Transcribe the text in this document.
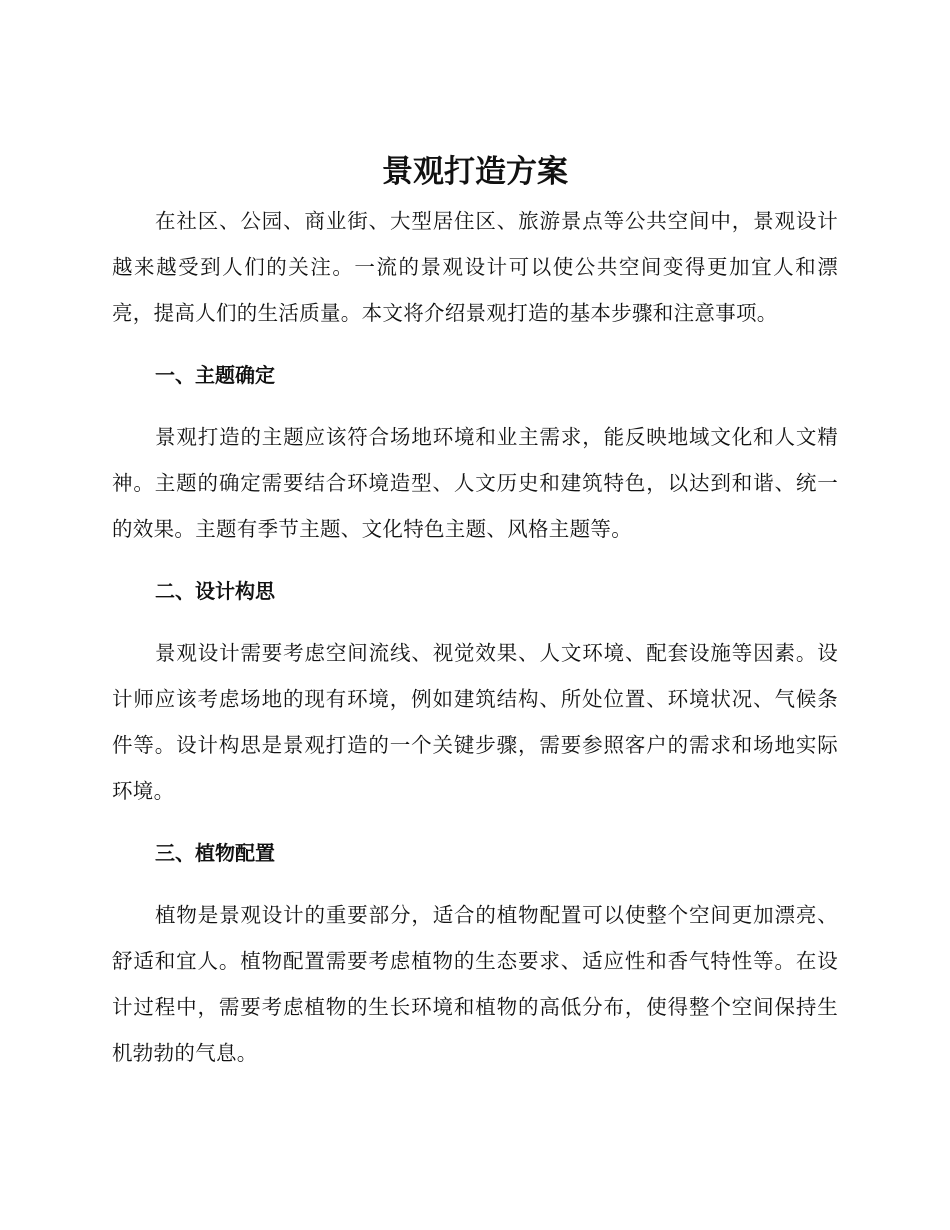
景观打造方案

在社区、公园、商业街、大型居住区、旅游景点等公共空间中，景观设计越来越受到人们的关注。一流的景观设计可以使公共空间变得更加宜人和漂亮，提高人们的生活质量。本文将介绍景观打造的基本步骤和注意事项。

一、主题确定

景观打造的主题应该符合场地环境和业主需求，能反映地域文化和人文精神。主题的确定需要结合环境造型、人文历史和建筑特色，以达到和谐、统一的效果。主题有季节主题、文化特色主题、风格主题等。

二、设计构思

景观设计需要考虑空间流线、视觉效果、人文环境、配套设施等因素。设计师应该考虑场地的现有环境，例如建筑结构、所处位置、环境状况、气候条件等。设计构思是景观打造的一个关键步骤，需要参照客户的需求和场地实际环境。

三、植物配置

植物是景观设计的重要部分，适合的植物配置可以使整个空间更加漂亮、舒适和宜人。植物配置需要考虑植物的生态要求、适应性和香气特性等。在设计过程中，需要考虑植物的生长环境和植物的高低分布，使得整个空间保持生机勃勃的气息。
